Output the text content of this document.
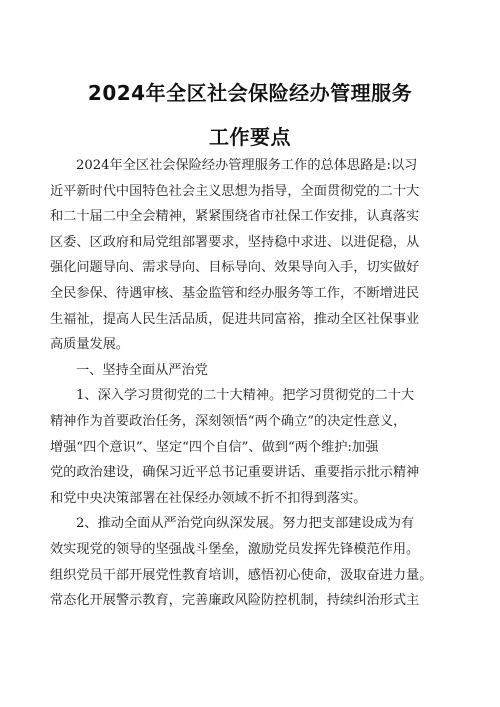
2024年全区社会保险经办管理服务
工作要点
2024年全区社会保险经办管理服务工作的总体思路是:以习
近平新时代中国特色社会主义思想为指导，全面贯彻党的二十大
和二十届二中全会精神，紧紧围绕省市社保工作安排，认真落实
区委、区政府和局党组部署要求，坚持稳中求进、以进促稳，从
强化问题导向、需求导向、目标导向、效果导向入手，切实做好
全民参保、待遇审核、基金监管和经办服务等工作，不断增进民
生福祉，提高人民生活品质，促进共同富裕，推动全区社保事业
高质量发展。
一、坚持全面从严治党
1、深入学习贯彻党的二十大精神。把学习贯彻党的二十大
精神作为首要政治任务，深刻领悟“两个确立”的决定性意义，
增强“四个意识”、坚定“四个自信”、做到“两个维护:加强
党的政治建设，确保习近平总书记重要讲话、重要指示批示精神
和党中央决策部署在社保经办领域不折不扣得到落实。
2、推动全面从严治党向纵深发展。努力把支部建设成为有
效实现党的领导的坚强战斗堡垒，激励党员发挥先锋模范作用。
组织党员干部开展党性教育培训，感悟初心使命，汲取奋进力量。
常态化开展警示教育，完善廉政风险防控机制，持续纠治形式主
